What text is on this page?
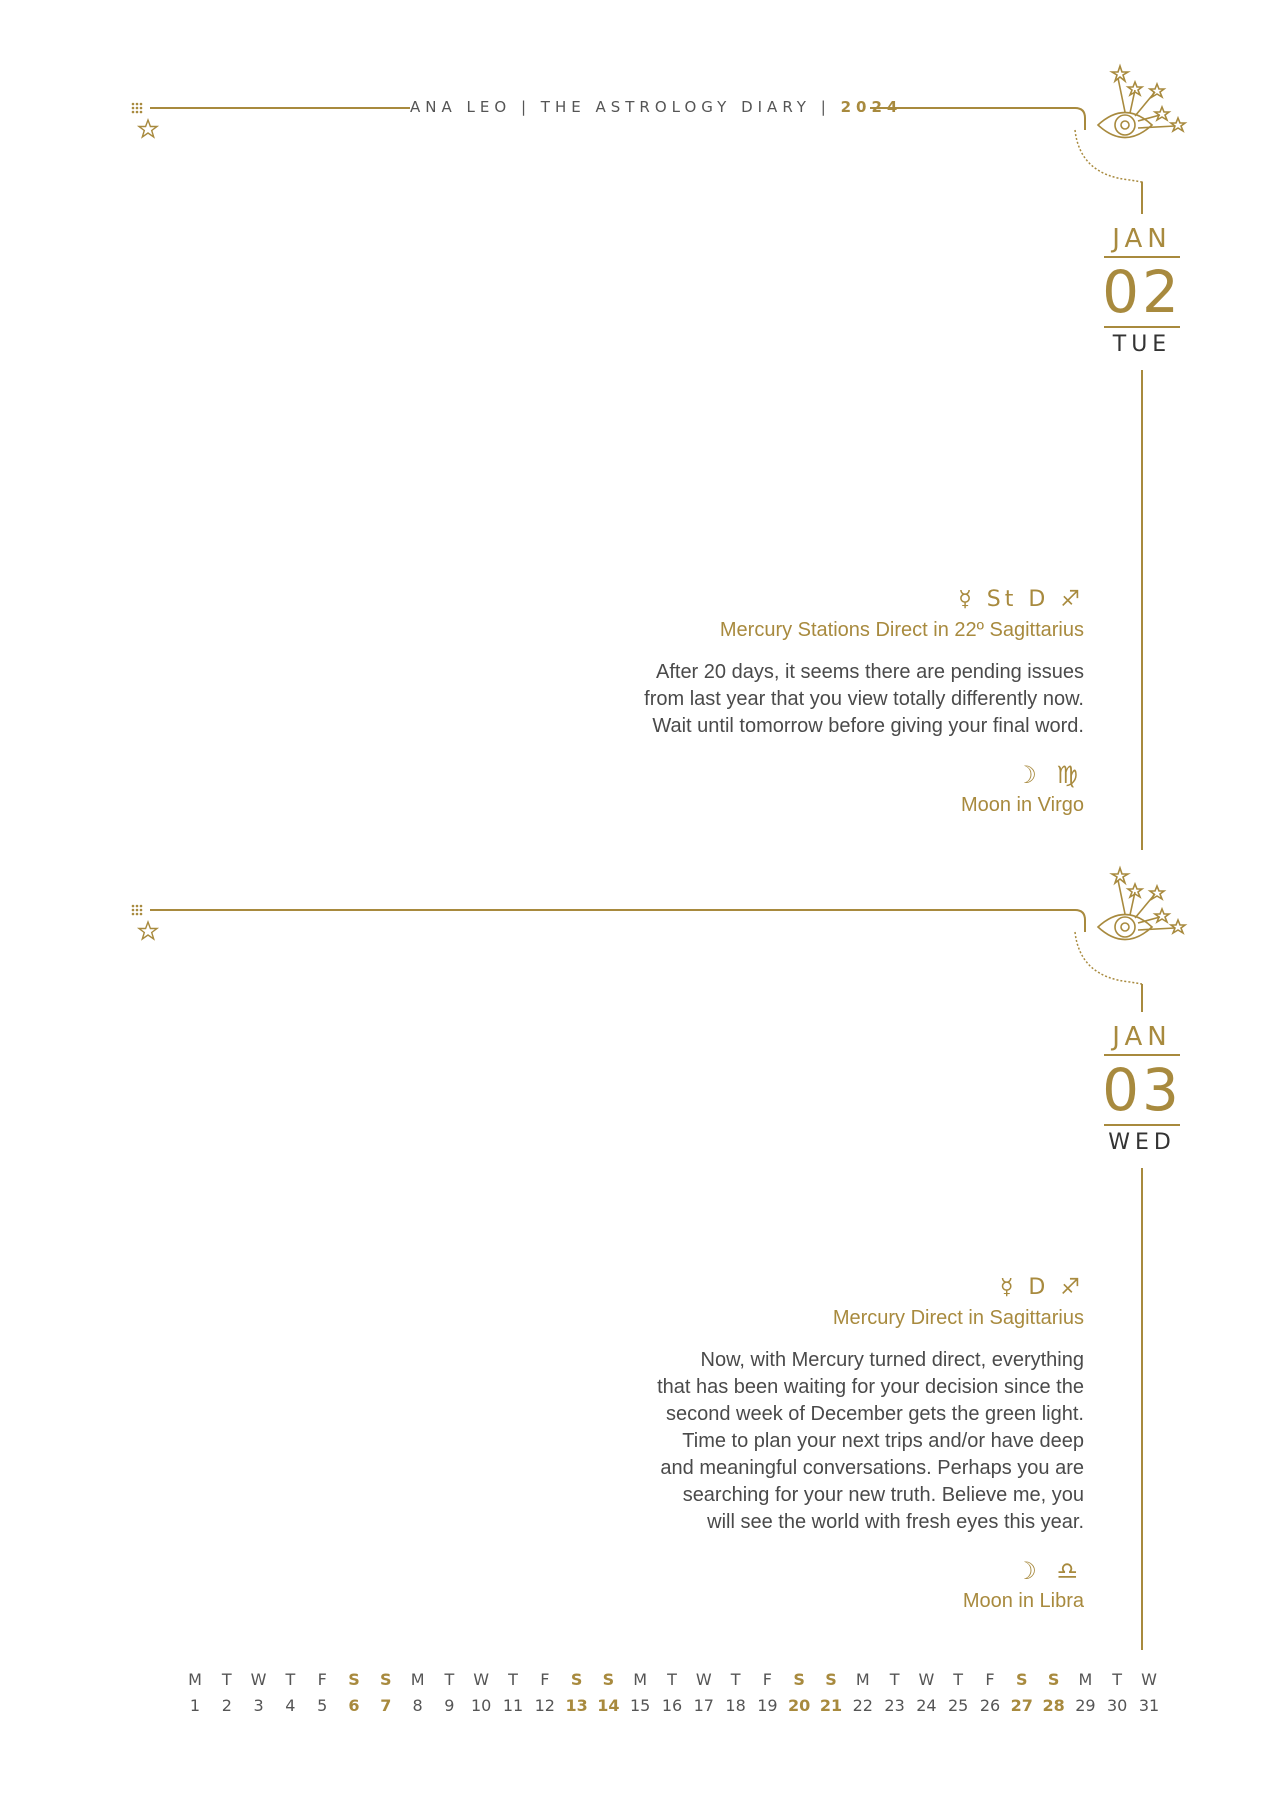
ANA LEO | THE ASTROLOGY DIARY | 2024
JAN
02
TUE
☿ St D ♐
Mercury Stations Direct in 22º Sagittarius
After 20 days, it seems there are pending issues
from last year that you view totally differently now.
Wait until tomorrow before giving your final word.
☽ ♍
Moon in Virgo
JAN
03
WED
☿ D ♐
Mercury Direct in Sagittarius
Now, with Mercury turned direct, everything
that has been waiting for your decision since the
second week of December gets the green light.
Time to plan your next trips and/or have deep
and meaningful conversations. Perhaps you are
searching for your new truth. Believe me, you
will see the world with fresh eyes this year.
☽ ♎
Moon in Libra
M
1
T
2
W
3
T
4
F
5
S
6
S
7
M
8
T
9
W
10
T
11
F
12
S
13
S
14
M
15
T
16
W
17
T
18
F
19
S
20
S
21
M
22
T
23
W
24
T
25
F
26
S
27
S
28
M
29
T
30
W
31
